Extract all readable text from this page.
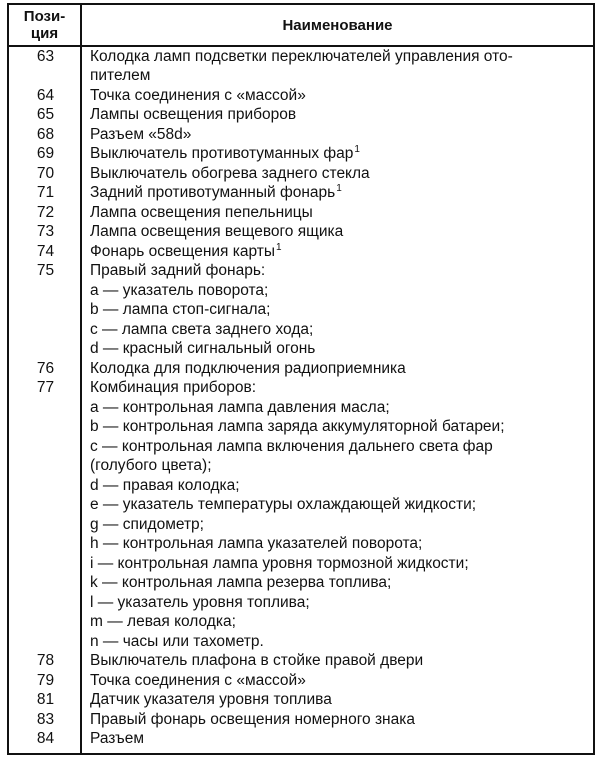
Пози-
ция	Наименование
63	Колодка ламп подсветки переключателей управления ото-
пителем
64	Точка соединения с «массой»
65	Лампы освещения приборов
68	Разъем «58d»
69	Выключатель противотуманных фар$^1$
70	Выключатель обогрева заднего стекла
71	Задний противотуманный фонарь$^1$
72	Лампа освещения пепельницы
73	Лампа освещения вещевого ящика
74	Фонарь освещения карты$^1$
75	Правый задний фонарь:
а — указатель поворота;
b — лампа стоп-сигнала;
с — лампа света заднего хода;
d — красный сигнальный огонь
76	Колодка для подключения радиоприемника
77	Комбинация приборов:
а — контрольная лампа давления масла;
b — контрольная лампа заряда аккумуляторной батареи;
с — контрольная лампа включения дальнего света фар
(голубого цвета);
d — правая колодка;
е — указатель температуры охлаждающей жидкости;
g — спидометр;
h — контрольная лампа указателей поворота;
i — контрольная лампа уровня тормозной жидкости;
k — контрольная лампа резерва топлива;
l — указатель уровня топлива;
m — левая колодка;
n — часы или тахометр.
78	Выключатель плафона в стойке правой двери
79	Точка соединения с «массой»
81	Датчик указателя уровня топлива
83	Правый фонарь освещения номерного знака
84	Разъем
